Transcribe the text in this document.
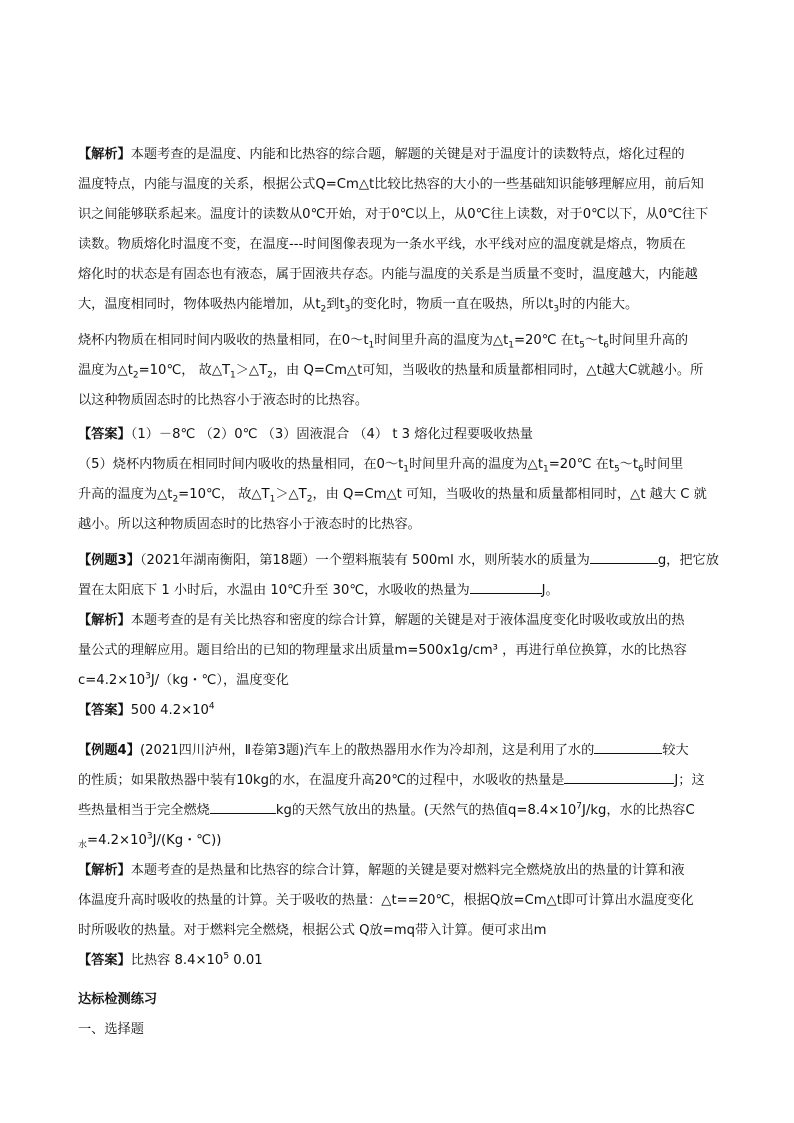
【解析】本题考查的是温度、内能和比热容的综合题，解题的关键是对于温度计的读数特点，熔化过程的
温度特点，内能与温度的关系，根据公式Q=Cm△t比较比热容的大小的一些基础知识能够理解应用，前后知
识之间能够联系起来。温度计的读数从0℃开始，对于0℃以上，从0℃往上读数，对于0℃以下，从0℃往下
读数。物质熔化时温度不变，在温度---时间图像表现为一条水平线，水平线对应的温度就是熔点，物质在
熔化时的状态是有固态也有液态，属于固液共存态。内能与温度的关系是当质量不变时，温度越大，内能越
大，温度相同时，物体吸热内能增加，从$t_2$到$t_3$的变化时，物质一直在吸热，所以$t_3$时的内能大。
烧杯内物质在相同时间内吸收的热量相同，在$0\sim t_1$时间里升高的温度为$\triangle t_1=20℃$ 在$t_5\sim t_6$时间里升高的
温度为$\triangle t_2=10℃$， 故$\triangle T_1>\triangle T_2$，由 Q=Cm△t可知，当吸收的热量和质量都相同时，△t越大C就越小。所
以这种物质固态时的比热容小于液态时的比热容。
【答案】（1）－8℃ （2）0℃ （3）固液混合 （4） t 3 熔化过程要吸收热量
（5）烧杯内物质在相同时间内吸收的热量相同，在$0\sim t_1$时间里升高的温度为$\triangle t_1=20℃$ 在$t_5\sim t_6$时间里
升高的温度为$\triangle t_2=10℃$， 故$\triangle T_1>\triangle T_2$，由 Q=Cm△t 可知，当吸收的热量和质量都相同时，△t 越大 C 就
越小。所以这种物质固态时的比热容小于液态时的比热容。
【例题3】（2021年湖南衡阳，第18题）一个塑料瓶装有 500ml 水，则所装水的质量为	g，把它放
置在太阳底下 1 小时后，水温由 10℃升至 30℃，水吸收的热量为	J。
【解析】本题考查的是有关比热容和密度的综合计算，解题的关键是对于液体温度变化时吸收或放出的热
量公式的理解应用。题目给出的已知的物理量求出质量m=500x1g/cm³ ，再进行单位换算，水的比热容
$c=4.2\times 10^3J/(kg$・℃），温度变化
【答案】500 $4.2\times 10^4$
【例题4】(2021四川泸州，Ⅱ卷第3题)汽车上的散热器用水作为冷却剂，这是利用了水的	较大
的性质；如果散热器中装有10kg的水，在温度升高20℃的过程中，水吸收的热量是	J；这
些热量相当于完全燃烧	kg的天然气放出的热量。(天然气的热值$q=8.4\times 10^7J/kg$，水的比热容C
$_水=4.2\times 10^3J/(Kg$・℃))
【解析】本题考查的是热量和比热容的综合计算，解题的关键是要对燃料完全燃烧放出的热量的计算和液
体温度升高时吸收的热量的计算。关于吸收的热量：△t==20℃，根据Q放=Cm△t即可计算出水温度变化
时所吸收的热量。对于燃料完全燃烧，根据公式 Q放=mq带入计算。便可求出m
【答案】比热容 $8.4\times 10^5$ 0.01
达标检测练习
一、选择题
